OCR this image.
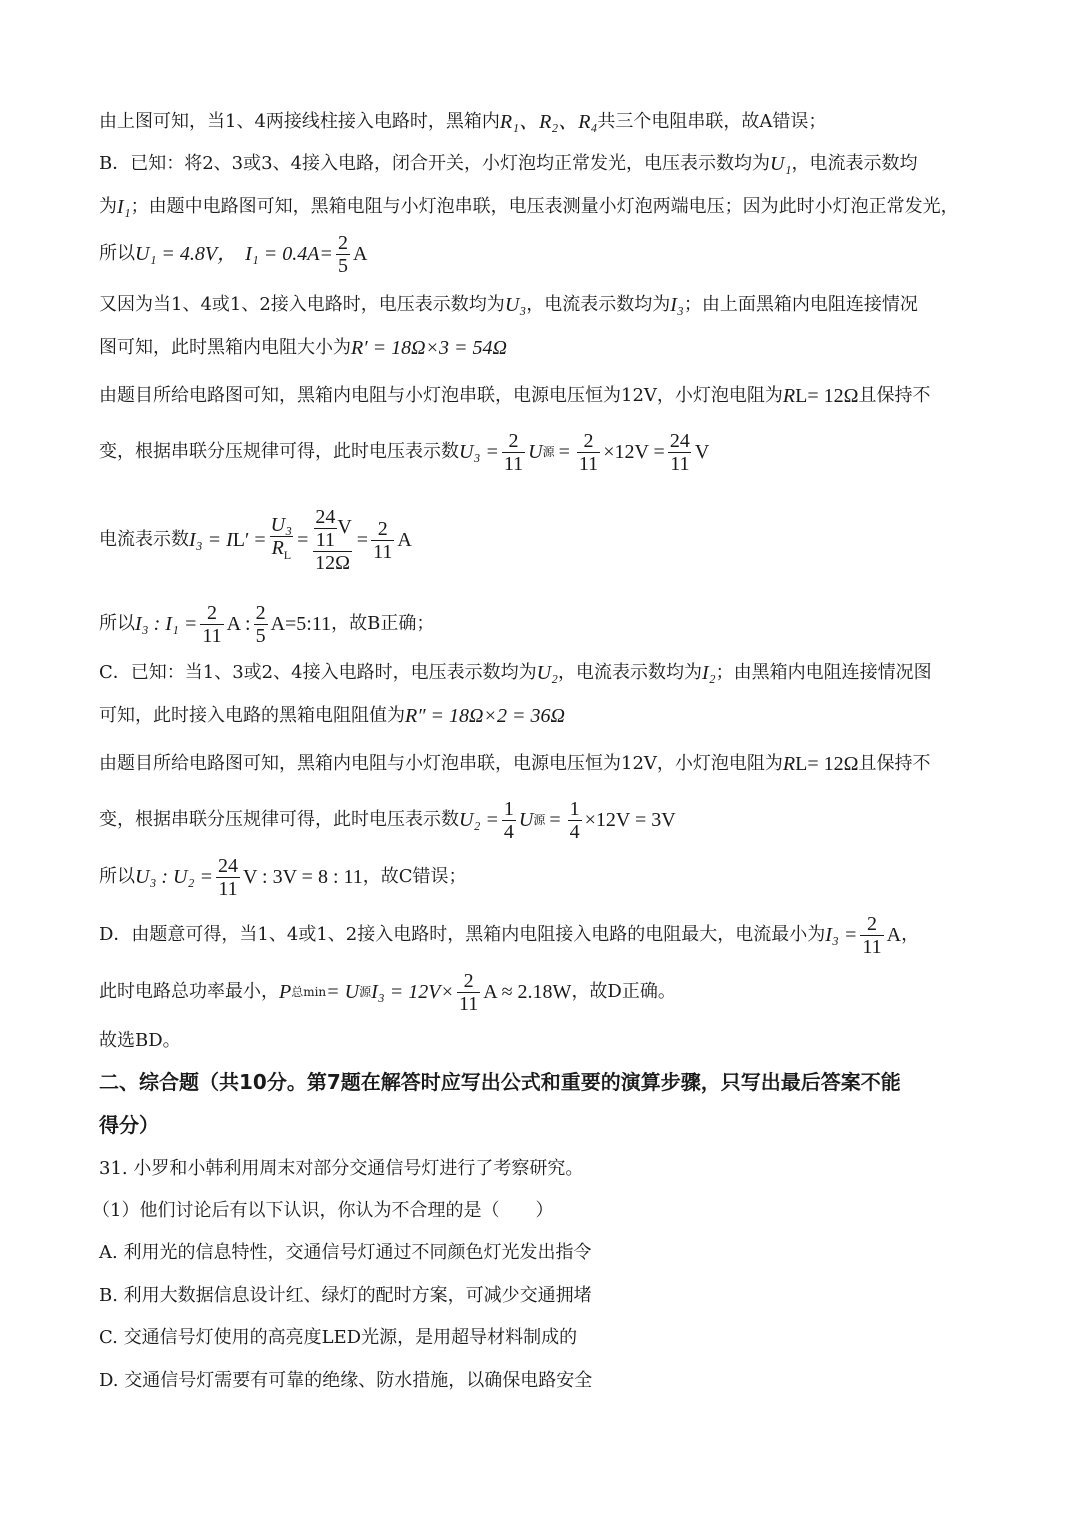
由上图可知，当1、4两接线柱接入电路时，黑箱内 R₁、R₂、R₄ 共三个电阻串联，故A错误；
B．已知：将2、3或3、4接入电路，闭合开关，小灯泡均正常发光，电压表示数均为 U₁ ，电流表示数均
为 I₁ ；由题中电路图可知，黑箱电阻与小灯泡串联，电压表测量小灯泡两端电压；因为此时小灯泡正常发光，
所以 U₁ = 4.8V， $I_1 = 0.4A= \frac{2}{5}$ A
又因为当1、4或1、2接入电路时，电压表示数均为 U₃ ，电流表示数均为 I₃ ；由上面黑箱内电阻连接情况
图可知，此时黑箱内电阻大小为 R′ = 18Ω×3 = 54Ω
由题目所给电路图可知，黑箱内电阻与小灯泡串联，电源电压恒为12V，小灯泡电阻为 R L = 12Ω 且保持不
变，根据串联分压规律可得，此时电压表示数 $U_3 = \frac{2}{11}$ U 源 = $\frac{2}{11} \times 12V = \frac{24}{11}$ V
电流表示数 I₃ = I L ′ = $\frac{\text{U₃}}{R_L} = \frac{\frac{24}{11} V}{12\Omega} = \frac{2}{11}$ A
所以 I₃ : $I_1 = \frac{2}{11}$ A : $\frac{2}{5}$ A=5:11 ，故B正确；
C．已知：当1、3或2、4接入电路时，电压表示数均为 U₂ ，电流表示数均为 I₂ ；由黑箱内电阻连接情况图
可知，此时接入电路的黑箱电阻阻值为 R″ = 18Ω×2 = 36Ω
由题目所给电路图可知，黑箱内电阻与小灯泡串联，电源电压恒为12V，小灯泡电阻为 R L = 12Ω 且保持不
变，根据串联分压规律可得，此时电压表示数 $U_2 = \frac{1}{4}$ U 源 = $\frac{1}{4} \times 12V = 3V$
所以 U₃ : $U_2 = \frac{24}{11}$ V : 3V = 8 : 11 ，故C错误；
D．由题意可得，当1、4或1、2接入电路时，黑箱内电阻接入电路的电阻最大，电流最小为 $I_3 = \frac{2}{11}$ A ，
此时电路总功率最小， P 总min = U 源 $I_3 = 12V\times \frac{2}{11}$ A ≈ 2.18W ，故D正确。
故选BD。
二、综合题（共10分。第7题在解答时应写出公式和重要的演算步骤，只写出最后答案不能
得分）
31. 小罗和小韩利用周末对部分交通信号灯进行了考察研究。
（1）他们讨论后有以下认识，你认为不合理的是（　　）
A. 利用光的信息特性，交通信号灯通过不同颜色灯光发出指令
B. 利用大数据信息设计红、绿灯的配时方案，可减少交通拥堵
C. 交通信号灯使用的高亮度LED光源，是用超导材料制成的
D. 交通信号灯需要有可靠的绝缘、防水措施，以确保电路安全
